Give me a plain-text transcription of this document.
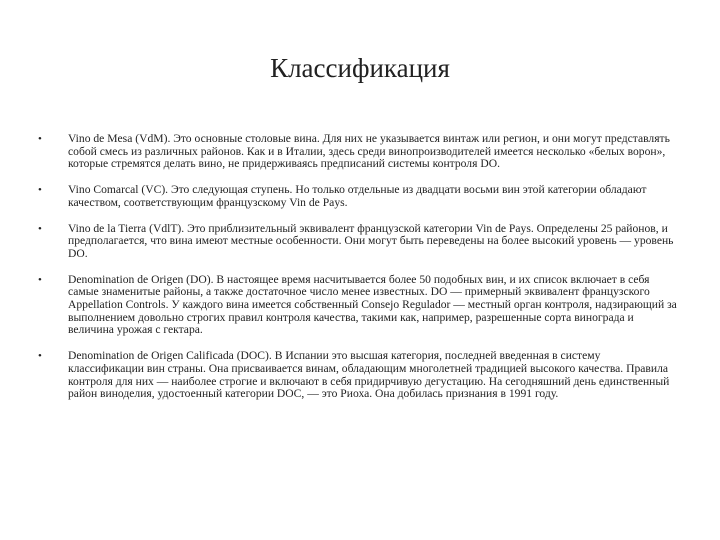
Классификация
•	Vino de Mesa (VdM). Это основные столовые вина. Для них не указывается винтаж или регион, и они могут представлять собой смесь из различных районов. Как и в Италии, здесь среди винопроизводителей имеется несколько «белых ворон», которые стремятся делать вино, не придерживаясь предписаний системы контроля DO.
•	Vino Comarcal (VC). Это следующая ступень. Но только отдельные из двадцати восьми вин этой категории обладают качеством, соответствующим французскому Vin de Pays.
•	Vino de la Tierra (VdlT). Это приблизительный эквивалент французской категории Vin de Pays. Определены 25 районов, и предполагается, что вина имеют местные особенности. Они могут быть переведены на более высокий уровень — уровень DO.
•	Denomination de Origen (DO). В настоящее время насчитывается более 50 подобных вин, и их список включает в себя самые знаменитые районы, а также достаточное число менее известных. DO — примерный эквивалент французского Appellation Controls. У каждого вина имеется собственный Consejo Regulador — местный орган контроля, надзирающий за выполнением довольно строгих правил контроля качества, такими как, например, разрешенные сорта винограда и величина урожая с гектара.
•	Denomination de Origen Calificada (DOC). В Испании это высшая категория, последней введенная в систему классификации вин страны. Она присваивается винам, обладающим многолетней традицией высокого качества. Правила контроля для них — наиболее строгие и включают в себя придирчивую дегустацию. На сегодняшний день единственный район виноделия, удостоенный категории DOC, — это Риоха. Она добилась признания в 1991 году.
